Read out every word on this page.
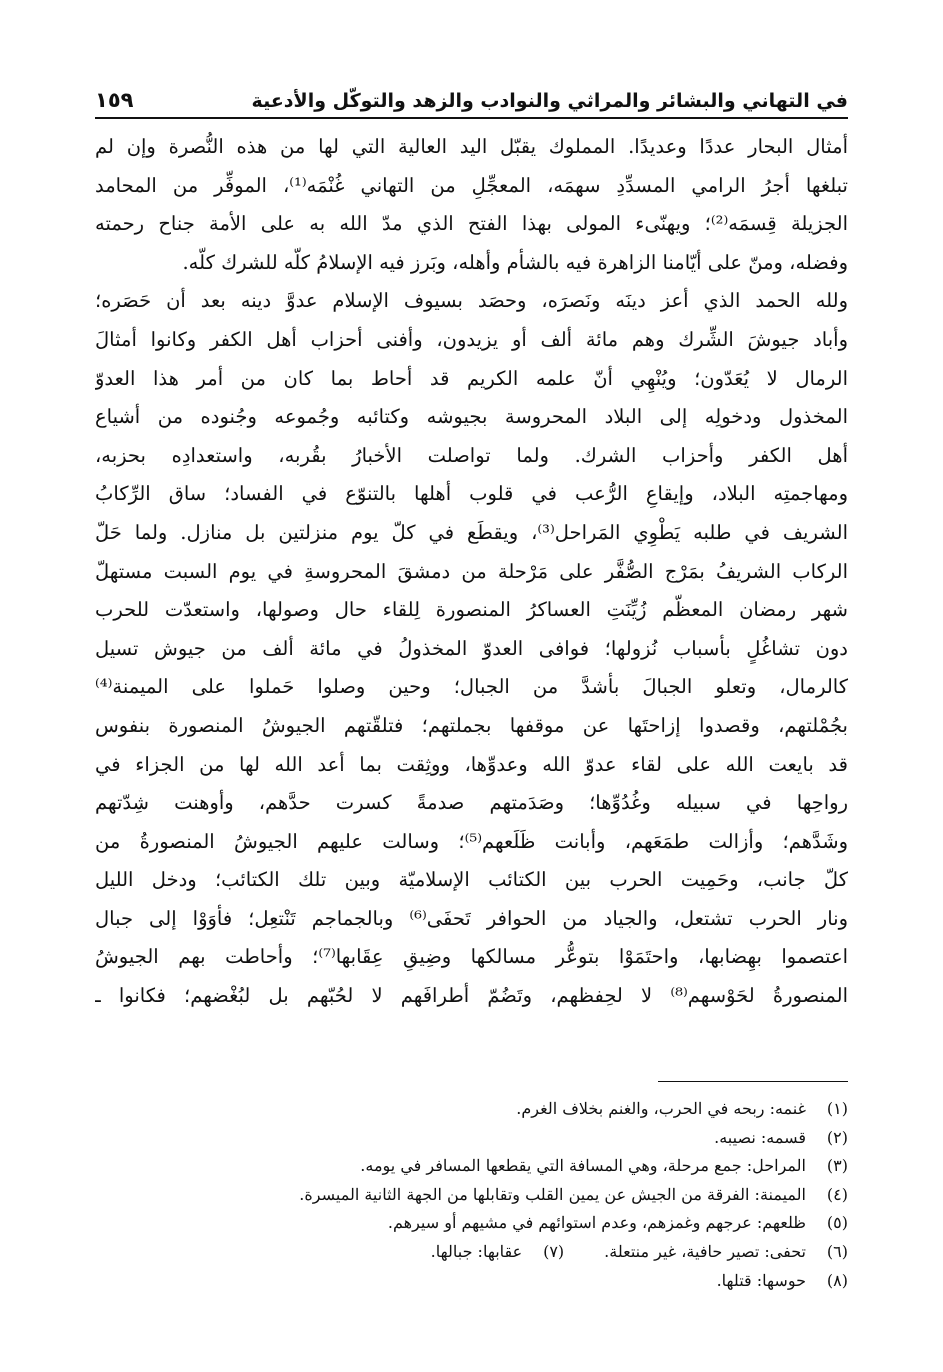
في التهاني والبشائر والمراثي والنوادب والزهد والتوكّل والأدعية
١٥٩
أمثال البحار عددًا وعديدًا. المملوك يقبّل اليد العالية التي لها من هذه النُّصرة وإن لم
تبلغها أجرُ الرامي المسدِّدِ سهمَه، المعجِّلِ من التهاني غُنْمَه⁽¹⁾، الموفِّر من المحامد
الجزيلة قِسمَه⁽²⁾؛ ويهنّىء المولى بهذا الفتح الذي مدّ الله به على الأمة جناح رحمته
وفضله، ومنّ على أيّامنا الزاهرة فيه بالشأم وأهله، وبَرز فيه الإسلامُ كلّه للشرك كلّه.
ولله الحمد الذي أعز دينَه ونَصرَه، وحصَد بسيوف الإسلام عدوَّ دينه بعد أن حَصَره؛
وأباد جيوشَ الشِّرك وهم مائة ألف أو يزيدون، وأفنى أحزاب أهل الكفر وكانوا أمثالَ
الرمال لا يُعَدّون؛ ويُنْهِي أنّ علمه الكريم قد أحاط بما كان من أمر هذا العدوّ
المخذول ودخولِه إلى البلاد المحروسة بجيوشه وكتائبه وجُموعه وجُنوده من أشياع
أهل الكفر وأحزاب الشرك. ولما تواصلت الأخبارُ بقُربه، واستعدادِه بحزبه،
ومهاجمتِه البلاد، وإيقاعِ الرُّعب في قلوب أهلها بالتنوّع في الفساد؛ ساق الرِّكابُ
الشريف في طلبه يَطْوِي المَراحل⁽³⁾، ويقطَع في كلّ يوم منزلتين بل منازل. ولما حَلّ
الركاب الشريفُ بمَرْج الصُّفَّر على مَرْحلة من دمشقَ المحروسةِ في يوم السبت مستهلّ
شهر رمضان المعظّم زُيِّنَتِ العساكرُ المنصورة لِلقاء حال وصولها، واستعدّت للحرب
دون تشاغُلٍ بأسباب نُزولها؛ فوافى العدوّ المخذولُ في مائة ألف من جيوش تسيل
كالرمال، وتعلو الجبالَ بأشدَّ من الجبال؛ وحين وصلوا حَملوا على الميمنة⁽⁴⁾
بجُمْلتهم، وقصدوا إزاحتَها عن موقفها بجملتهم؛ فتلقّتهم الجيوشُ المنصورة بنفوس
قد بايعت الله على لقاء عدوّ الله وعدوِّها، ووثِقت بما أعد الله لها من الجزاء في
رواحِها في سبيله وغُدُوِّها؛ وصَدَمتهم صدمةً كسرت حدَّهم، وأوهنت شِدّتهم
وشَدَّهم؛ وأزالت طمَعَهم، وأبانت ظَلَعهم⁽⁵⁾؛ وسالت عليهم الجيوشُ المنصورةُ من
كلّ جانب، وحَمِيت الحرب بين الكتائب الإسلاميّة وبين تلك الكتائب؛ ودخل الليل
ونار الحرب تشتعل، والجياد من الحوافر تَحفَى⁽⁶⁾ وبالجماجم تَنْتعِل؛ فأوَوْا إلى جبال
اعتصموا بهِضابها، واحتَمَوْا بتوعُّر مسالكها وضِيقِ عِقَابها⁽⁷⁾؛ وأحاطت بهم الجيوشُ
المنصورةُ لحَوْسهم⁽⁸⁾ لا لحِفظهم، وتَضُمّ أطرافَهم لا لحُبّهم بل لبُغْضهم؛ فكانوا ـ
(١)
غنمه: ربحه في الحرب، والغنم بخلاف الغرم.
(٢)
قسمه: نصيبه.
(٣)
المراحل: جمع مرحلة، وهي المسافة التي يقطعها المسافر في يومه.
(٤)
الميمنة: الفرقة من الجيش عن يمين القلب وتقابلها من الجهة الثانية الميسرة.
(٥)
ظلعهم: عرجهم وغمزهم، وعدم استوائهم في مشيهم أو سيرهم.
(٦)
تحفى: تصير حافية، غير منتعلة.
(٧)
عقابها: جبالها.
(٨)
حوسها: قتلها.
